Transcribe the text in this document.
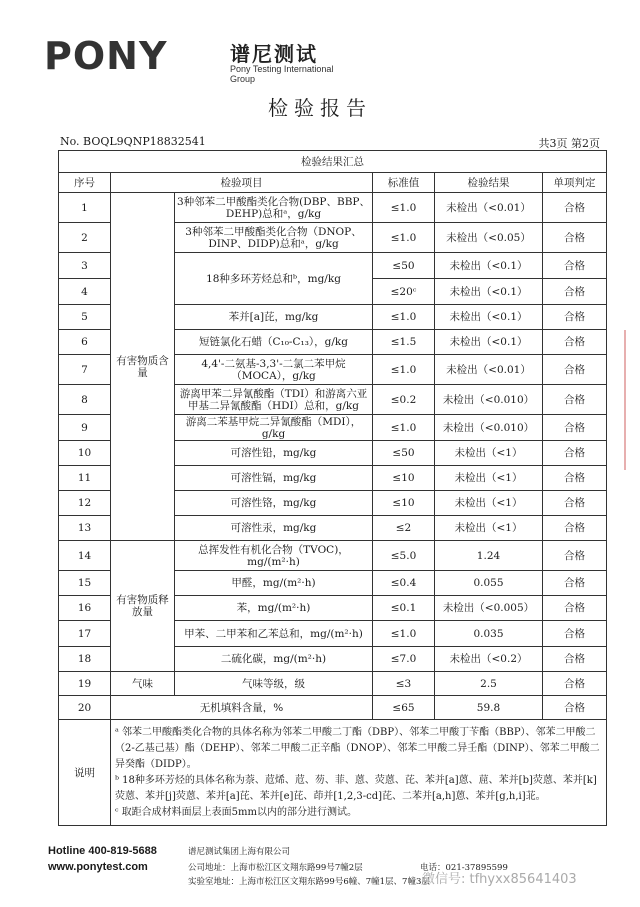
PONY	谱尼测试
Pony Testing International Group
检验报告
No. BOQL9QNP18832541	共3页 第2页
检验结果汇总					
序号	检验项目		标准值	检验结果	单项判定
1	有害物质含量	3种邻苯二甲酸酯类化合物(DBP、BBP、DEHP)总和ᵃ，g/kg	≤1.0	未检出（<0.01）	合格
2		3种邻苯二甲酸酯类化合物（DNOP、DINP、DIDP)总和ᵃ，g/kg	≤1.0	未检出（<0.05）	合格
3		18种多环芳烃总和ᵇ，mg/kg	≤50	未检出（<0.1）	合格
4			≤20ᶜ	未检出（<0.1）	合格
5		苯并[a]芘，mg/kg	≤1.0	未检出（<0.1）	合格
6		短链氯化石蜡（C₁₀-C₁₃），g/kg	≤1.5	未检出（<0.1）	合格
7		4,4'-二氨基-3,3'-二氯二苯甲烷（MOCA），g/kg	≤1.0	未检出（<0.01）	合格
8		游离甲苯二异氰酸酯（TDI）和游离六亚甲基二异氰酸酯（HDI）总和，g/kg	≤0.2	未检出（<0.010）	合格
9		游离二苯基甲烷二异氰酸酯（MDI），g/kg	≤1.0	未检出（<0.010）	合格
10		可溶性铅，mg/kg	≤50	未检出（<1）	合格
11		可溶性镉，mg/kg	≤10	未检出（<1）	合格
12		可溶性铬，mg/kg	≤10	未检出（<1）	合格
13		可溶性汞，mg/kg	≤2	未检出（<1）	合格
14	有害物质释放量	总挥发性有机化合物（TVOC)，mg/(m²·h)	≤5.0	1.24	合格
15		甲醛，mg/(m²·h)	≤0.4	0.055	合格
16		苯，mg/(m²·h)	≤0.1	未检出（<0.005）	合格
17		甲苯、二甲苯和乙苯总和，mg/(m²·h)	≤1.0	0.035	合格
18		二硫化碳，mg/(m²·h)	≤7.0	未检出（<0.2）	合格
19	气味	气味等级，级	≤3	2.5	合格
20	无机填料含量，%		≤65	59.8	合格
说明	ᵃ 邻苯二甲酸酯类化合物的具体名称为邻苯二甲酸二丁酯（DBP）、邻苯二甲酸丁苄酯（BBP）、邻苯二甲酸二（2-乙基己基）酯（DEHP）、邻苯二甲酸二正辛酯（DNOP）、邻苯二甲酸二异壬酯（DINP）、邻苯二甲酸二异癸酯（DIDP）。
ᵇ 18种多环芳烃的具体名称为萘、苊烯、苊、芴、菲、蒽、荧蒽、芘、苯并[a]蒽、䓛、苯并[b]荧蒽、苯并[k]荧蒽、苯并[j]荧蒽、苯并[a]芘、苯并[e]芘、茚并[1,2,3-cd]芘、二苯并[a,h]蒽、苯并[g,h,i]苝。
ᶜ 取距合成材料面层上表面5mm以内的部分进行测试。				
Hotline 400-819-5688
www.ponytest.com
谱尼测试集团上海有限公司
公司地址：上海市松江区文翔东路99号7幢2层
实验室地址：上海市松江区文翔东路99号6幢、7幢1层、7幢3层
电话：021-37895599
微信号: tfhyxx85641403
